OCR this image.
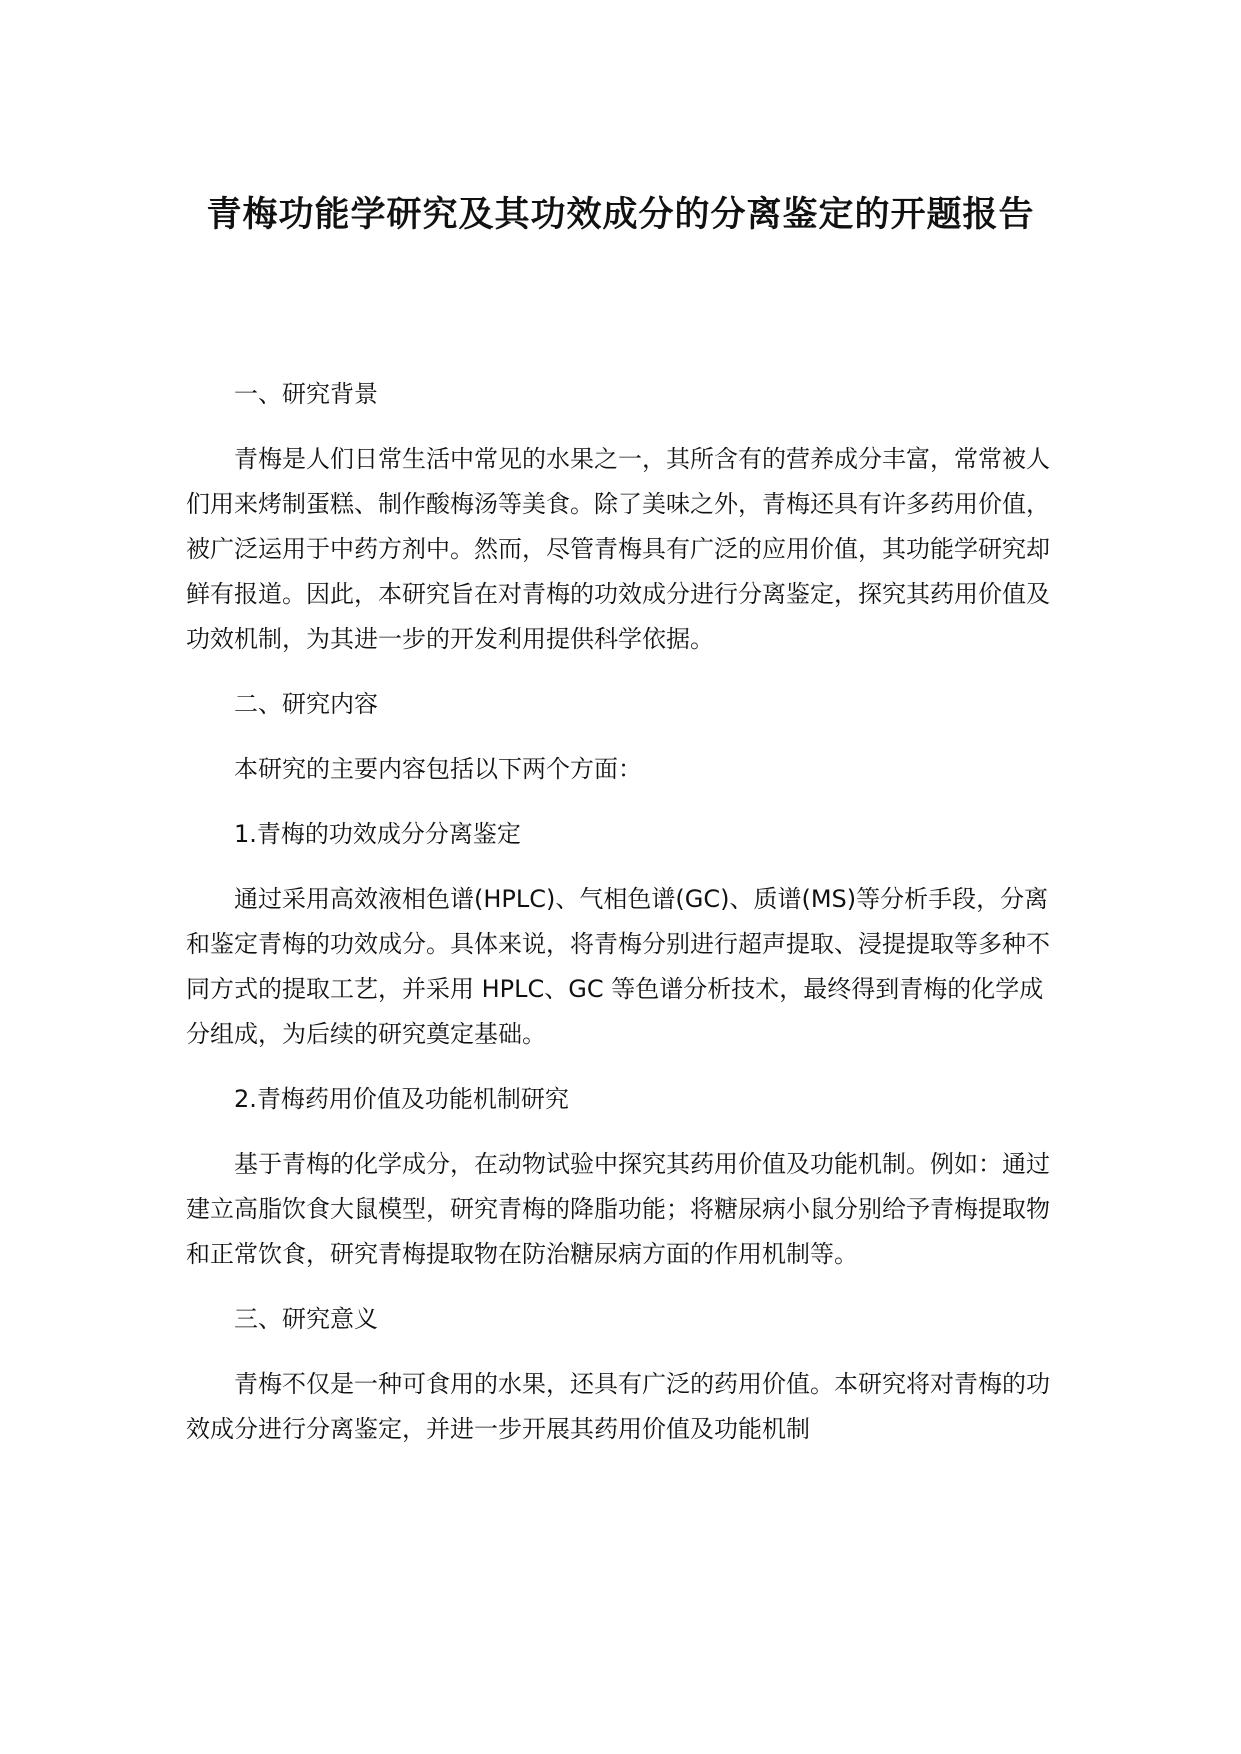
青梅功能学研究及其功效成分的分离鉴定的开题报告

一、研究背景

青梅是人们日常生活中常见的水果之一，其所含有的营养成分丰富，常常被人们用来烤制蛋糕、制作酸梅汤等美食。除了美味之外，青梅还具有许多药用价值，被广泛运用于中药方剂中。然而，尽管青梅具有广泛的应用价值，其功能学研究却鲜有报道。因此，本研究旨在对青梅的功效成分进行分离鉴定，探究其药用价值及功效机制，为其进一步的开发利用提供科学依据。

二、研究内容

本研究的主要内容包括以下两个方面：

1.青梅的功效成分分离鉴定

通过采用高效液相色谱(HPLC)、气相色谱(GC)、质谱(MS)等分析手段，分离和鉴定青梅的功效成分。具体来说，将青梅分别进行超声提取、浸提提取等多种不同方式的提取工艺，并采用 HPLC、GC 等色谱分析技术，最终得到青梅的化学成分组成，为后续的研究奠定基础。

2.青梅药用价值及功能机制研究

基于青梅的化学成分，在动物试验中探究其药用价值及功能机制。例如：通过建立高脂饮食大鼠模型，研究青梅的降脂功能；将糖尿病小鼠分别给予青梅提取物和正常饮食，研究青梅提取物在防治糖尿病方面的作用机制等。

三、研究意义

青梅不仅是一种可食用的水果，还具有广泛的药用价值。本研究将对青梅的功效成分进行分离鉴定，并进一步开展其药用价值及功能机制
